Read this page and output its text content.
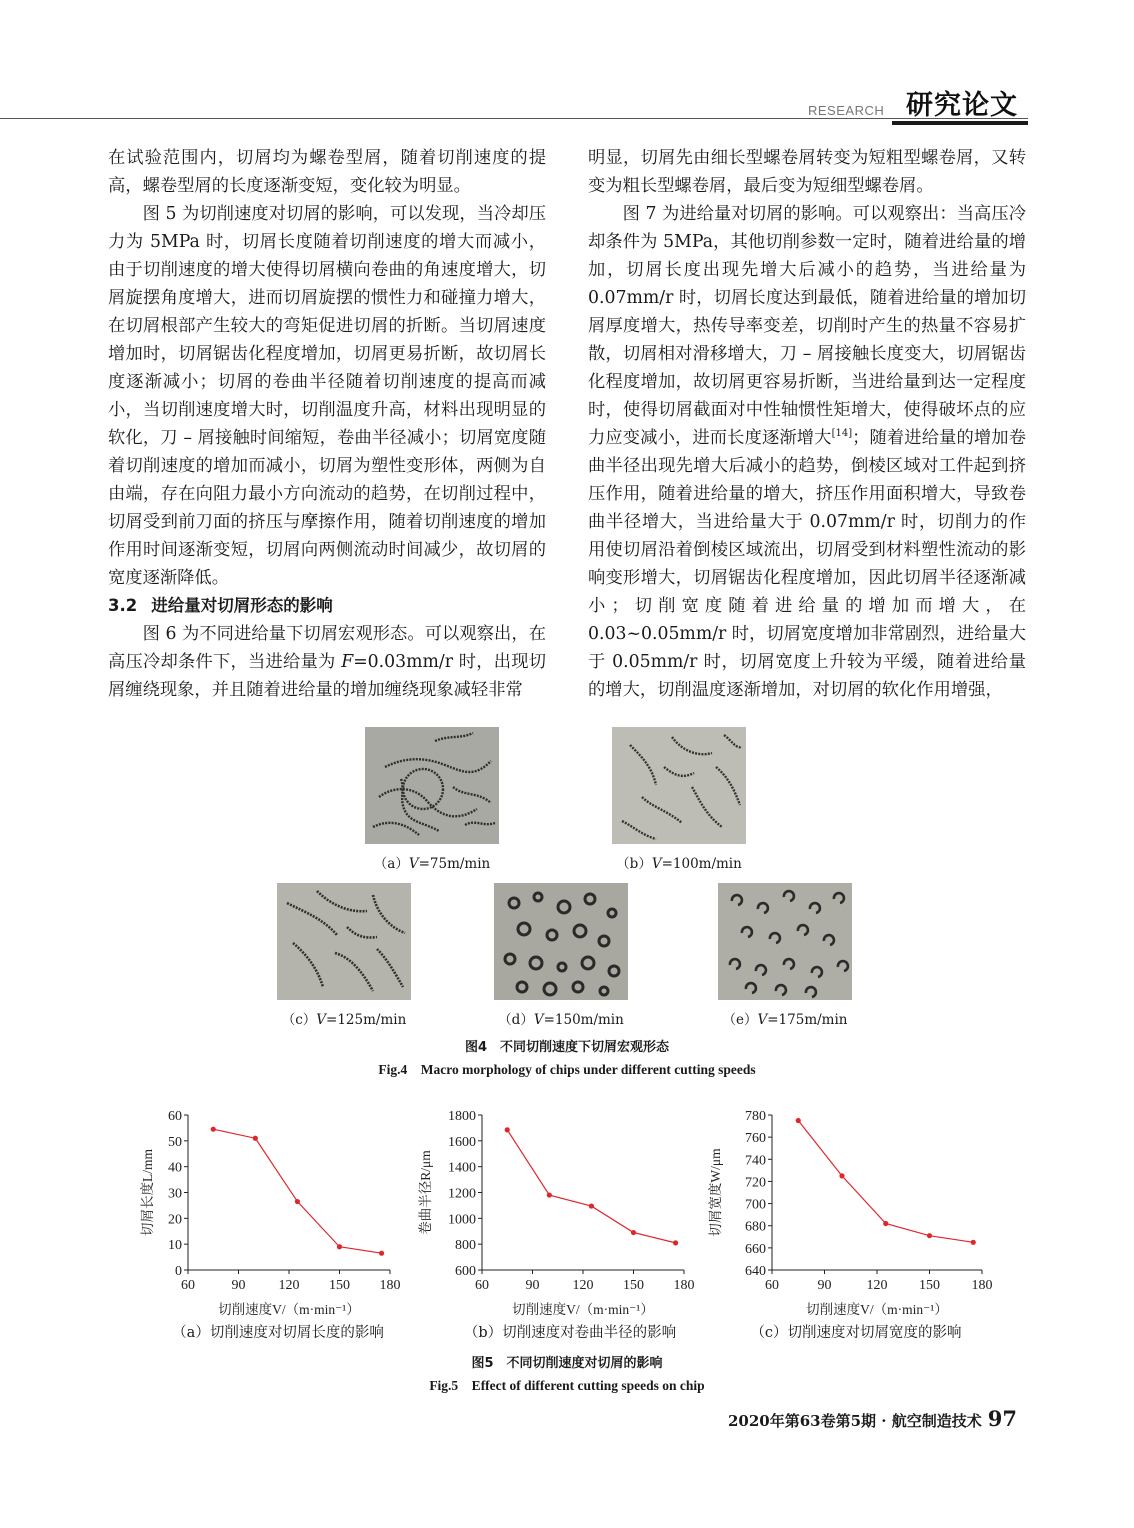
RESEARCH 研究论文

在试验范围内，切屑均为螺卷型屑，随着切削速度的提高，螺卷型屑的长度逐渐变短，变化较为明显。

图 5 为切削速度对切屑的影响，可以发现，当冷却压力为 5MPa 时，切屑长度随着切削速度的增大而减小，由于切削速度的增大使得切屑横向卷曲的角速度增大，切屑旋摆角度增大，进而切屑旋摆的惯性力和碰撞力增大，在切屑根部产生较大的弯矩促进切屑的折断。当切屑速度增加时，切屑锯齿化程度增加，切屑更易折断，故切屑长度逐渐减小；切屑的卷曲半径随着切削速度的提高而减小，当切削速度增大时，切削温度升高，材料出现明显的软化，刀 – 屑接触时间缩短，卷曲半径减小；切屑宽度随着切削速度的增加而减小，切屑为塑性变形体，两侧为自由端，存在向阻力最小方向流动的趋势，在切削过程中，切屑受到前刀面的挤压与摩擦作用，随着切削速度的增加作用时间逐渐变短，切屑向两侧流动时间减少，故切屑的宽度逐渐降低。

3.2 进给量对切屑形态的影响

图 6 为不同进给量下切屑宏观形态。可以观察出，在高压冷却条件下，当进给量为 F=0.03mm/r 时，出现切屑缠绕现象，并且随着进给量的增加缠绕现象减轻非常

明显，切屑先由细长型螺卷屑转变为短粗型螺卷屑，又转变为粗长型螺卷屑，最后变为短细型螺卷屑。

图 7 为进给量对切屑的影响。可以观察出：当高压冷却条件为 5MPa，其他切削参数一定时，随着进给量的增加，切屑长度出现先增大后减小的趋势，当进给量为 0.07mm/r 时，切屑长度达到最低，随着进给量的增加切屑厚度增大，热传导率变差，切削时产生的热量不容易扩散，切屑相对滑移增大，刀 – 屑接触长度变大，切屑锯齿化程度增加，故切屑更容易折断，当进给量到达一定程度时，使得切屑截面对中性轴惯性矩增大，使得破坏点的应力应变减小，进而长度逐渐增大[14]；随着进给量的增加卷曲半径出现先增大后减小的趋势，倒棱区域对工件起到挤压作用，随着进给量的增大，挤压作用面积增大，导致卷曲半径增大，当进给量大于 0.07mm/r 时，切削力的作用使切屑沿着倒棱区域流出，切屑受到材料塑性流动的影响变形增大，切屑锯齿化程度增加，因此切屑半径逐渐减小；切削宽度随着进给量的增加而增大，在 0.03~0.05mm/r 时，切屑宽度增加非常剧烈，进给量大于 0.05mm/r 时，切屑宽度上升较为平缓，随着进给量的增大，切削温度逐渐增加，对切屑的软化作用增强，

（a）V=75m/min	（b）V=100m/min
（c）V=125m/min	（d）V=150m/min	（e）V=175m/min
图4　不同切削速度下切屑宏观形态
Fig.4　Macro morphology of chips under different cutting speeds
0
10
20
30
40
50
60
60	90 120 150 180
切削速度V/（m·min⁻¹）
切屑长度L/mm
600
800
1000
1200
1400
1600
1800
60	90 120 150 180
切削速度V/（m·min⁻¹）
卷曲半径R/μm
640
660
680
700
720
740
760
780
60	90	120 150 180
切削速度V/（m·min⁻¹）
切屑宽度W/μm
（a）切削速度对切屑长度的影响	（b）切削速度对卷曲半径的影响	（c）切削速度对切屑宽度的影响
图5　不同切削速度对切屑的影响
Fig.5　Effect of different cutting speeds on chip
2020年第63卷第5期 · 航空制造技术 97
